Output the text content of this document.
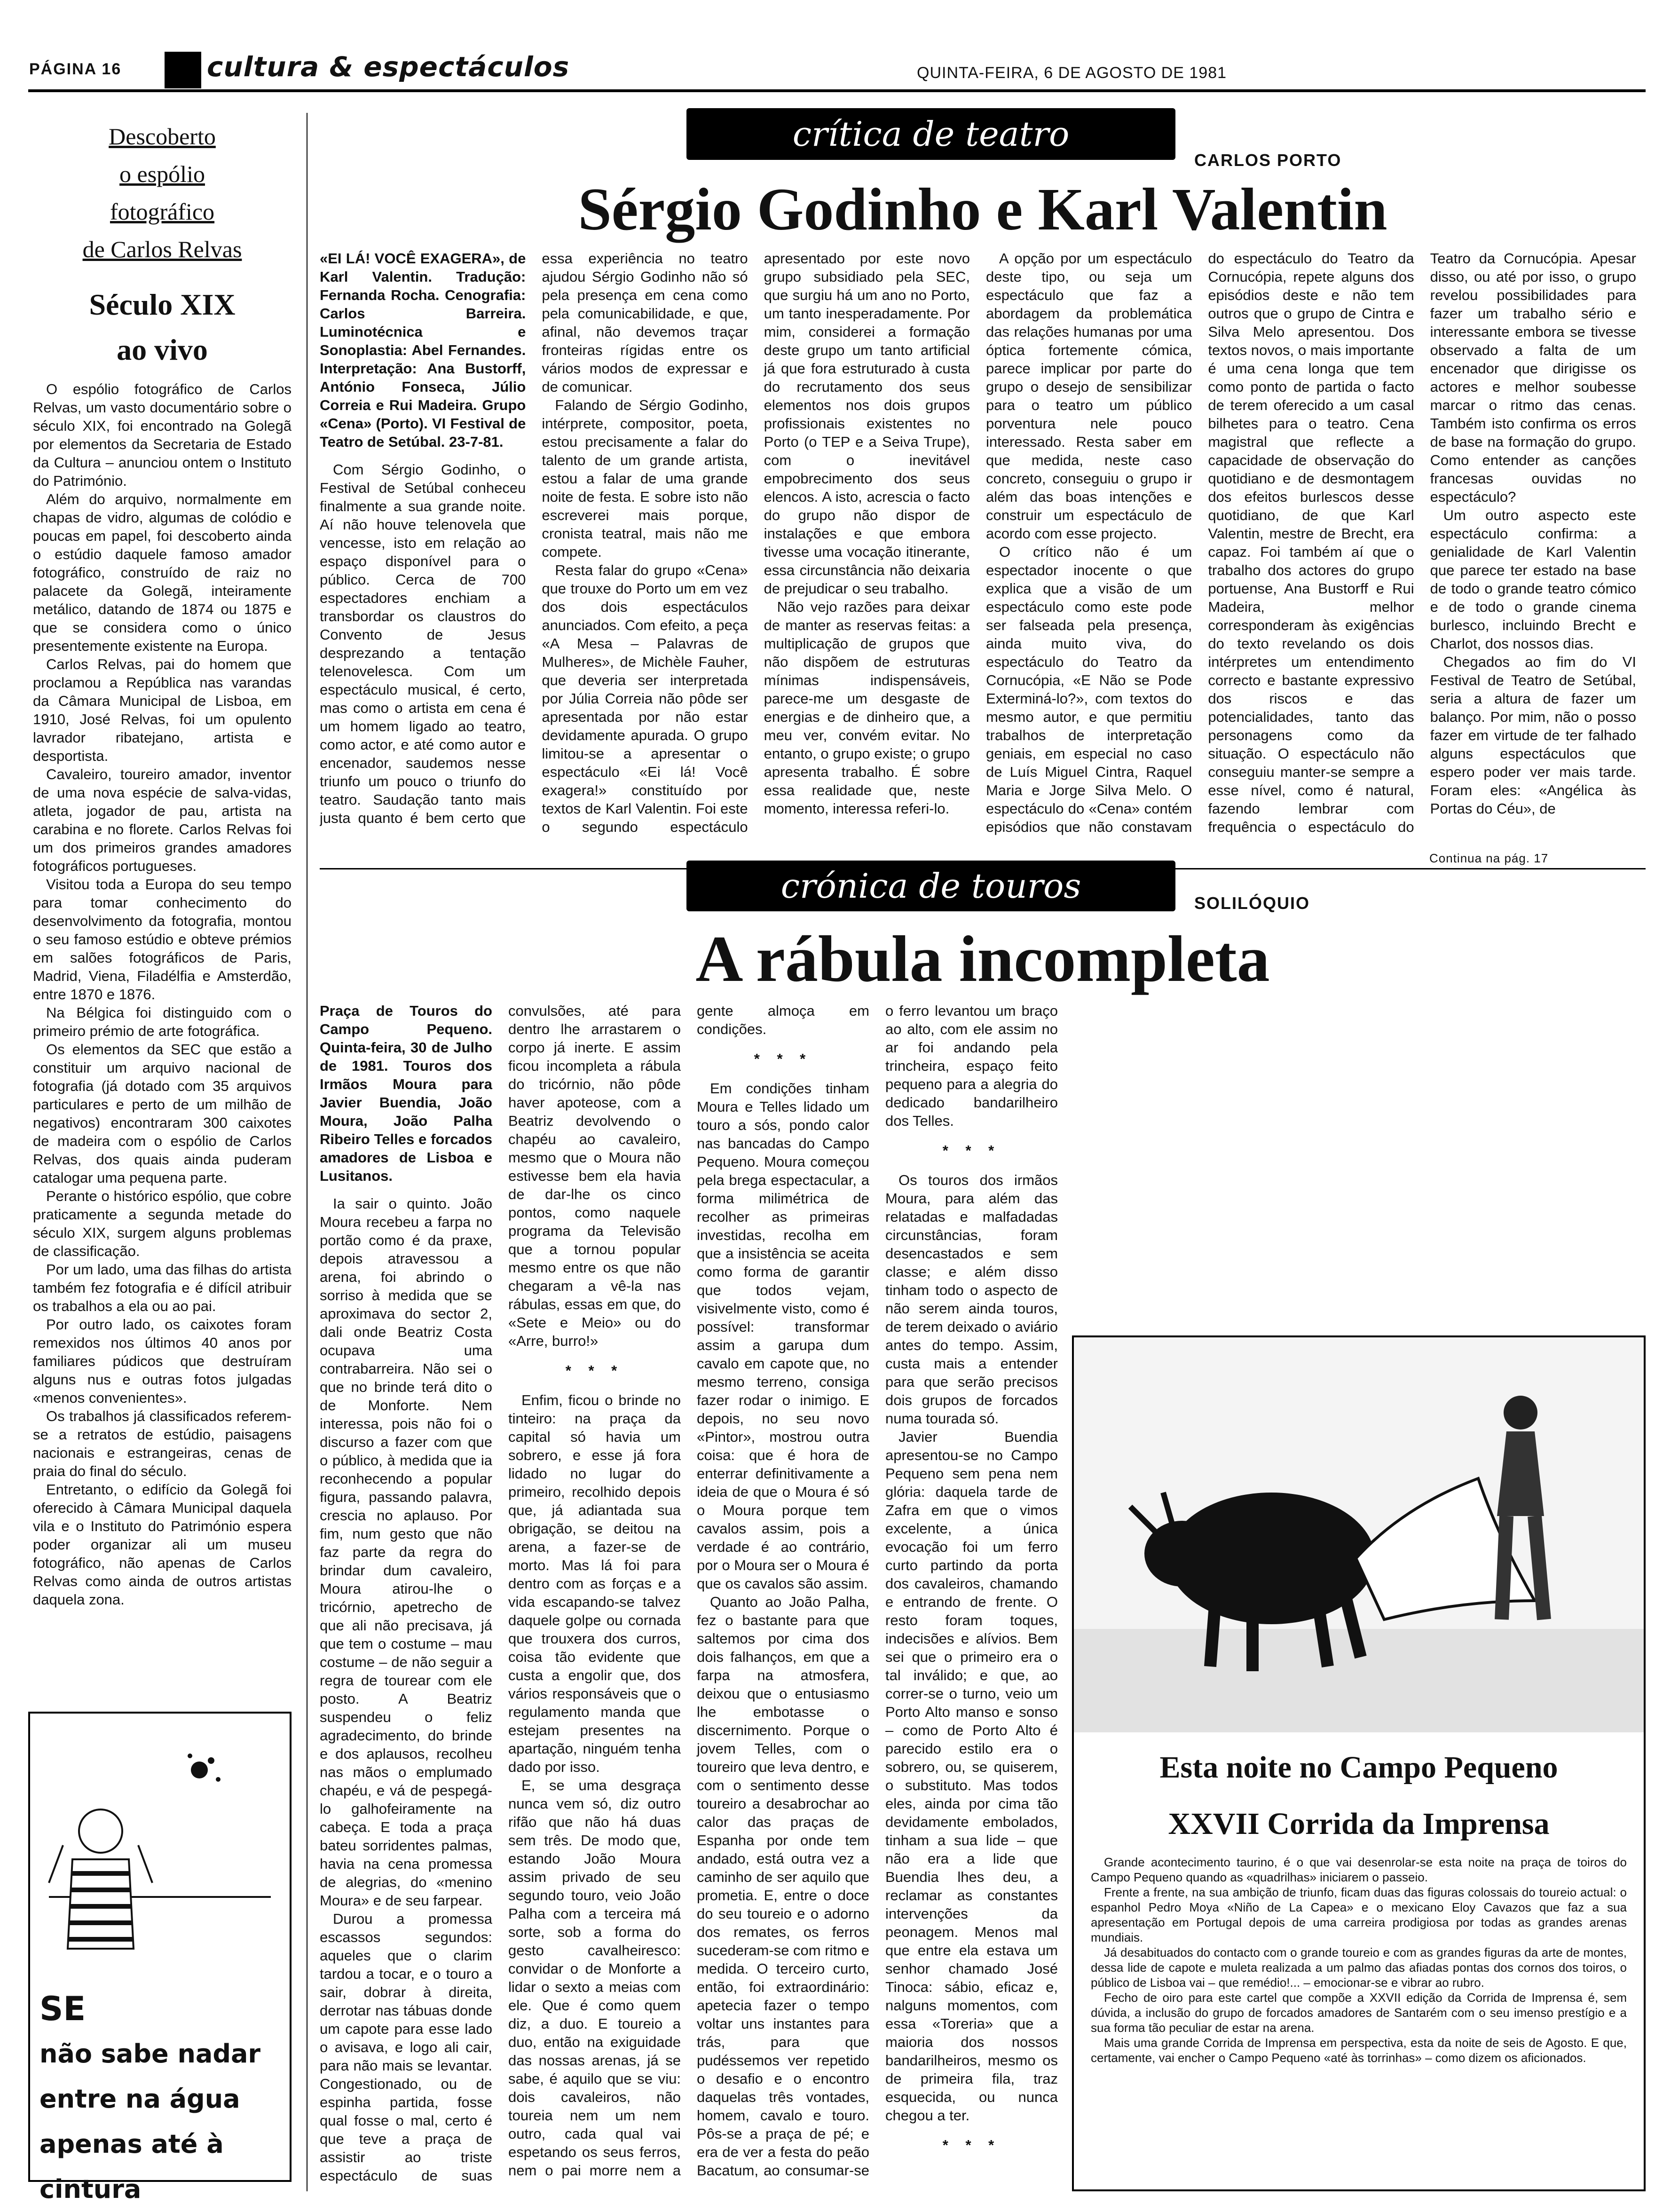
PÁGINA 16	cultura & espectáculos	QUINTA-FEIRA, 6 DE AGOSTO DE 1981
Descoberto
o espólio
fotográfico
de Carlos Relvas
Século XIX
ao vivo

O espólio fotográfico de Carlos Relvas, um vasto documentário sobre o século XIX, foi encontrado na Golegã por elementos da Secretaria de Estado da Cultura – anunciou ontem o Instituto do Património.

Além do arquivo, normalmente em chapas de vidro, algumas de colódio e poucas em papel, foi descoberto ainda o estúdio daquele famoso amador fotográfico, construído de raiz no palacete da Golegã, inteiramente metálico, datando de 1874 ou 1875 e que se considera como o único presentemente existente na Europa.

Carlos Relvas, pai do homem que proclamou a República nas varandas da Câmara Municipal de Lisboa, em 1910, José Relvas, foi um opulento lavrador ribatejano, artista e desportista.

Cavaleiro, toureiro amador, inventor de uma nova espécie de salva-vidas, atleta, jogador de pau, artista na carabina e no florete. Carlos Relvas foi um dos primeiros grandes amadores fotográficos portugueses.

Visitou toda a Europa do seu tempo para tomar conhecimento do desenvolvimento da fotografia, montou o seu famoso estúdio e obteve prémios em salões fotográficos de Paris, Madrid, Viena, Filadélfia e Amsterdão, entre 1870 e 1876.

Na Bélgica foi distinguido com o primeiro prémio de arte fotográfica.

Os elementos da SEC que estão a constituir um arquivo nacional de fotografia (já dotado com 35 arquivos particulares e perto de um milhão de negativos) encontraram 300 caixotes de madeira com o espólio de Carlos Relvas, dos quais ainda puderam catalogar uma pequena parte.

Perante o histórico espólio, que cobre praticamente a segunda metade do século XIX, surgem alguns problemas de classificação.

Por um lado, uma das filhas do artista também fez fotografia e é difícil atribuir os trabalhos a ela ou ao pai.

Por outro lado, os caixotes foram remexidos nos últimos 40 anos por familiares púdicos que destruíram alguns nus e outras fotos julgadas «menos convenientes».

Os trabalhos já classificados referem-se a retratos de estúdio, paisagens nacionais e estrangeiras, cenas de praia do final do século.

Entretanto, o edifício da Golegã foi oferecido à Câmara Municipal daquela vila e o Instituto do Património espera poder organizar ali um museu fotográfico, não apenas de Carlos Relvas como ainda de outros artistas daquela zona.

SE
não sabe nadar
entre na água
apenas até à cintura
crítica de teatro
CARLOS PORTO
Sérgio Godinho e Karl Valentin

«EI LÁ! VOCÊ EXAGERA», de Karl Valentin. Tradução: Fernanda Rocha. Cenografia: Carlos Barreira. Luminotécnica e Sonoplastia: Abel Fernandes. Interpretação: Ana Bustorff, António Fonseca, Júlio Correia e Rui Madeira. Grupo «Cena» (Porto). VI Festival de Teatro de Setúbal. 23-7-81.

Com Sérgio Godinho, o Festival de Setúbal conheceu finalmente a sua grande noite. Aí não houve telenovela que vencesse, isto em relação ao espaço disponível para o público. Cerca de 700 espectadores enchiam a transbordar os claustros do Convento de Jesus desprezando a tentação telenovelesca. Com um espectáculo musical, é certo, mas como o artista em cena é um homem ligado ao teatro, como actor, e até como autor e encenador, saudemos nesse triunfo um pouco o triunfo do teatro. Saudação tanto mais justa quanto é bem certo que essa experiência no teatro ajudou Sérgio Godinho não só pela presença em cena como pela comunicabilidade, e que, afinal, não devemos traçar fronteiras rígidas entre os vários modos de expressar e de comunicar.

Falando de Sérgio Godinho, intérprete, compositor, poeta, estou precisamente a falar do talento de um grande artista, estou a falar de uma grande noite de festa. E sobre isto não escreverei mais porque, cronista teatral, mais não me compete.

Resta falar do grupo «Cena» que trouxe do Porto um em vez dos dois espectáculos anunciados. Com efeito, a peça «A Mesa – Palavras de Mulheres», de Michèle Fauher, que deveria ser interpretada por Júlia Correia não pôde ser apresentada por não estar devidamente apurada. O grupo limitou-se a apresentar o espectáculo «Ei lá! Você exagera!» constituído por textos de Karl Valentin. Foi este o segundo espectáculo apresentado por este novo grupo subsidiado pela SEC, que surgiu há um ano no Porto, um tanto inesperadamente. Por mim, considerei a formação deste grupo um tanto artificial já que fora estruturado à custa do recrutamento dos seus elementos nos dois grupos profissionais existentes no Porto (o TEP e a Seiva Trupe), com o inevitável empobrecimento dos seus elencos. A isto, acresciа o facto do grupo não dispor de instalações e que embora tivesse uma vocação itinerante, essa circunstância não deixaria de prejudicar o seu trabalho.

Não vejo razões para deixar de manter as reservas feitas: a multiplicação de grupos que não dispõem de estruturas mínimas indispensáveis, parece-me um desgaste de energias e de dinheiro que, a meu ver, convém evitar. No entanto, o grupo existe; o grupo apresenta trabalho. É sobre essa realidade que, neste momento, interessa referi-lo.

A opção por um espectáculo deste tipo, ou seja um espectáculo que faz a abordagem da problemática das relações humanas por uma óptica fortemente cómica, parece implicar por parte do grupo o desejo de sensibilizar para o teatro um público porventura nele pouco interessado. Resta saber em que medida, neste caso concreto, conseguiu o grupo ir além das boas intenções e construir um espectáculo de acordo com esse projecto.

O crítico não é um espectador inocente o que explica que a visão de um espectáculo como este pode ser falseada pela presença, ainda muito viva, do espectáculo do Teatro da Cornucópia, «E Não se Pode Exterminá-lo?», com textos do mesmo autor, e que permitiu trabalhos de interpretação geniais, em especial no caso de Luís Miguel Cintra, Raquel Maria e Jorge Silva Melo. O espectáculo do «Cena» contém episódios que não constavam do espectáculo do Teatro da Cornucópia, repete alguns dos episódios deste e não tem outros que o grupo de Cintra e Silva Melo apresentou. Dos textos novos, o mais importante é uma cena longa que tem como ponto de partida o facto de terem oferecido a um casal bilhetes para o teatro. Cena magistral que reflecte a capacidade de observação do quotidiano e de desmontagem dos efeitos burlescos desse quotidiano, de que Karl Valentin, mestre de Brecht, era capaz. Foi também aí que o trabalho dos actores do grupo portuense, Ana Bustorff e Rui Madeira, melhor corresponderam às exigências do texto revelando os dois intérpretes um entendimento correcto e bastante expressivo dos riscos e das potencialidades, tanto das personagens como da situação. O espectáculo não conseguiu manter-se sempre a esse nível, como é natural, fazendo lembrar com frequência o espectáculo do Teatro da Cornucópia. Apesar disso, ou até por isso, o grupo revelou possibilidades para fazer um trabalho sério e interessante embora se tivesse observado a falta de um encenador que dirigisse os actores e melhor soubesse marcar o ritmo das cenas. Também isto confirma os erros de base na formação do grupo. Como entender as canções francesas ouvidas no espectáculo?

Um outro aspecto este espectáculo confirma: a genialidade de Karl Valentin que parece ter estado na base de todo o grande teatro cómico e de todo o grande cinema burlesco, incluindo Brecht e Charlot, dos nossos dias.

Chegados ao fim do VI Festival de Teatro de Setúbal, seria a altura de fazer um balanço. Por mim, não o posso fazer em virtude de ter falhado alguns espectáculos que espero poder ver mais tarde. Foram eles: «Angélica às Portas do Céu», de

Continua na pág. 17
crónica de touros	SOLILÓQUIO
A rábula incompleta

Praça de Touros do Campo Pequeno. Quinta-feira, 30 de Julho de 1981. Touros dos Irmãos Moura para Javier Buendia, João Moura, João Palha Ribeiro Telles e forcados amadores de Lisboa e Lusitanos.

Ia sair o quinto. João Moura recebeu a farpa no portão como é da praxe, depois atravessou a arena, foi abrindo o sorriso à medida que se aproximava do sector 2, dali onde Beatriz Costa ocupava uma contrabarreira. Não sei o que no brinde terá dito o de Monforte. Nem interessa, pois não foi o discurso a fazer com que o público, à medida que ia reconhecendo a popular figura, passando palavra, crescia no aplauso. Por fim, num gesto que não faz parte da regra do brindar dum cavaleiro, Moura atirou-lhe o tricórnio, apetrecho de que ali não precisava, já que tem o costume – mau costume – de não seguir a regra de tourear com ele posto. A Beatriz suspendeu o feliz agradecimento, do brinde e dos aplausos, recolheu nas mãos o emplumado chapéu, e vá de pespegá-lo galhofeiramente na cabeça. E toda a praça bateu sorridentes palmas, havia na cena promessa de alegrias, do «menino Moura» e de seu farpear.

Durou a promessa escassos segundos: aqueles que o clarim tardou a tocar, e o touro a sair, dobrar à direita, derrotar nas tábuas donde um capote para esse lado o avisava, e logo ali cair, para não mais se levantar. Congestionado, ou de espinha partida, fosse qual fosse o mal, certo é que teve a praça de assistir ao triste espectáculo de suas convulsões, até para dentro lhe arrastarem o corpo já inerte. E assim ficou incompleta a rábula do tricórnio, não pôde haver apoteose, com a Beatriz devolvendo o chapéu ao cavaleiro, mesmo que o Moura não estivesse bem ela havia de dar-lhe os cinco pontos, como naquele programa da Televisão que a tornou popular mesmo entre os que não chegaram a vê-la nas rábulas, essas em que, do «Sete e Meio» ou do «Arre, burro!»

* * *

Enfim, ficou o brinde no tinteiro: na praça da capital só havia um sobrero, e esse já fora lidado no lugar do primeiro, recolhido depois que, já adiantada sua obrigação, se deitou na arena, a fazer-se de morto. Mas lá foi para dentro com as forças e a vida escapando-se talvez daquele golpe ou cornada que trouxera dos curros, coisa tão evidente que custa a engolir que, dos vários responsáveis que o regulamento manda que estejam presentes na apartação, ninguém tenha dado por isso.

E, se uma desgraça nunca vem só, diz outro rifão que não há duas sem três. De modo que, estando João Moura assim privado de seu segundo touro, veio João Palha com a terceira má sorte, sob a forma do gesto cavalheiresco: convidar o de Monforte a lidar o sexto a meias com ele. Que é como quem diz, a duo. E toureio a duo, então na exiguidade das nossas arenas, já se sabe, é aquilo que se viu: dois cavaleiros, não toureia nem um nem outro, cada qual vai espetando os seus ferros, nem o pai morre nem a gente almoça em condições.

* * *

Em condições tinham Moura e Telles lidado um touro a sós, pondo calor nas bancadas do Campo Pequeno. Moura começou pela brega espectacular, a forma milimétrica de recolher as primeiras investidas, recolha em que a insistência se aceita como forma de garantir que todos vejam, visivelmente visto, como é possível: transformar assim a garupa dum cavalo em capote que, no mesmo terreno, consiga fazer rodar o inimigo. E depois, no seu novo «Pintor», mostrou outra coisa: que é hora de enterrar definitivamente a ideia de que o Moura é só o Moura porque tem cavalos assim, pois a verdade é ao contrário, por o Moura ser o Moura é que os cavalos são assim.

Quanto ao João Palha, fez o bastante para que saltemos por cima dos dois falhanços, em que a farpa na atmosfera, deixou que o entusiasmo lhe embotasse o discernimento. Porque o jovem Telles, com o toureiro que leva dentro, e com o sentimento desse toureiro a desabrochar ao calor das praças de Espanha por onde tem andado, está outra vez a caminho de ser aquilo que prometia. E, entre o doce do seu toureio e o adorno dos remates, os ferros sucederam-se com ritmo e medida. O terceiro curto, então, foi extraordinário: apetecia fazer o tempo voltar uns instantes para trás, para que pudéssemos ver repetido o desafio e o encontro daquelas três vontades, homem, cavalo e touro. Pôs-se a praça de pé; e era de ver a festa do peão Bacatum, ao consumar-se o ferro levantou um braço ao alto, com ele assim no ar foi andando pela trincheira, espaço feito pequeno para a alegria do dedicado bandarilheiro dos Telles.

* * *

Os touros dos irmãos Moura, para além das relatadas e malfadadas circunstâncias, foram desencastados e sem classe; e além disso tinham todo o aspecto de não serem ainda touros, de terem deixado o aviário antes do tempo. Assim, custa mais a entender para que serão precisos dois grupos de forcados numa tourada só.

Javier Buendia apresentou-se no Campo Pequeno sem pena nem glória: daquela tarde de Zafra em que o vimos excelente, a única evocação foi um ferro curto partindo da porta dos cavaleiros, chamando e entrando de frente. O resto foram toques, indecisões e alívios. Bem sei que o primeiro era o tal inválido; e que, ao correr-se o turno, veio um Porto Alto manso e sonso – como de Porto Alto é parecido estilo era o sobrero, ou, se quiserem, o substituto. Mas todos eles, ainda por cima tão devidamente embolados, tinham a sua lide – que não era a lide que Buendia lhes deu, a reclamar as constantes intervenções da peonagem. Menos mal que entre ela estava um senhor chamado José Tinoca: sábio, eficaz e, nalguns momentos, com essa «Toreria» que a maioria dos nossos bandarilheiros, mesmo os de primeira fila, traz esquecida, ou nunca chegou a ter.

* * *

Esta noite no Campo Pequeno
XXVII Corrida da Imprensa

Grande acontecimento taurino, é o que vai desenrolar-se esta noite na praça de toiros do Campo Pequeno quando as «quadrilhas» iniciarem o passeio.

Frente a frente, na sua ambição de triunfo, ficam duas das figuras colossais do toureio actual: o espanhol Pedro Moya «Niño de La Capea» e o mexicano Eloy Cavazos que faz a sua apresentação em Portugal depois de uma carreira prodigiosa por todas as grandes arenas mundiais.

Já desabituados do contacto com o grande toureio e com as grandes figuras da arte de montes, dessa lide de capote e muleta realizada a um palmo das afiadas pontas dos cornos dos toiros, o público de Lisboa vai – que remédio!... – emocionar-se e vibrar ao rubro.

Fecho de oiro para este cartel que compõe a XXVII edição da Corrida de Imprensa é, sem dúvida, a inclusão do grupo de forcados amadores de Santarém com o seu imenso prestígio e a sua forma tão peculiar de estar na arena.

Mais uma grande Corrida de Imprensa em perspectiva, esta da noite de seis de Agosto. E que, certamente, vai encher o Campo Pequeno «até às torrinhas» – como dizem os aficionados.
